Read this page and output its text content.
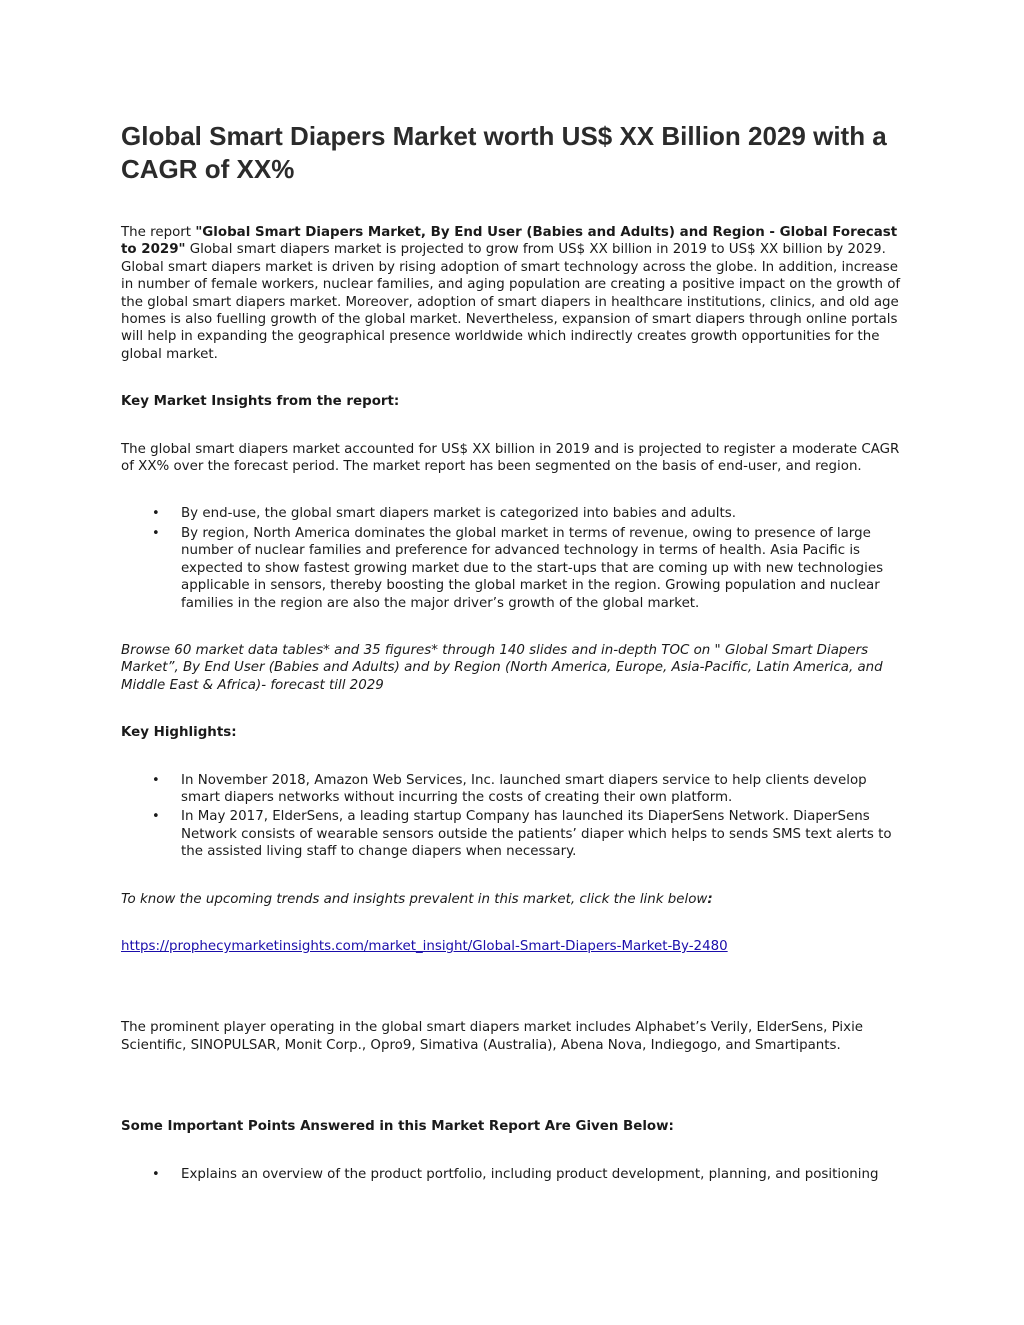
Global Smart Diapers Market worth US$ XX Billion 2029 with a CAGR of XX%

The report "Global Smart Diapers Market, By End User (Babies and Adults) and Region - Global Forecast to 2029" Global smart diapers market is projected to grow from US$ XX billion in 2019 to US$ XX billion by 2029. Global smart diapers market is driven by rising adoption of smart technology across the globe. In addition, increase in number of female workers, nuclear families, and aging population are creating a positive impact on the growth of the global smart diapers market. Moreover, adoption of smart diapers in healthcare institutions, clinics, and old age homes is also fuelling growth of the global market. Nevertheless, expansion of smart diapers through online portals will help in expanding the geographical presence worldwide which indirectly creates growth opportunities for the global market.

Key Market Insights from the report:

The global smart diapers market accounted for US$ XX billion in 2019 and is projected to register a moderate CAGR of XX% over the forecast period. The market report has been segmented on the basis of end-user, and region.

• By end-use, the global smart diapers market is categorized into babies and adults.
• By region, North America dominates the global market in terms of revenue, owing to presence of large number of nuclear families and preference for advanced technology in terms of health. Asia Pacific is expected to show fastest growing market due to the start-ups that are coming up with new technologies applicable in sensors, thereby boosting the global market in the region. Growing population and nuclear families in the region are also the major driver’s growth of the global market.

Browse 60 market data tables* and 35 figures* through 140 slides and in-depth TOC on " Global Smart Diapers Market”, By End User (Babies and Adults) and by Region (North America, Europe, Asia-Pacific, Latin America, and Middle East & Africa)- forecast till 2029

Key Highlights:

• In November 2018, Amazon Web Services, Inc. launched smart diapers service to help clients develop smart diapers networks without incurring the costs of creating their own platform.
• In May 2017, ElderSens, a leading startup Company has launched its DiaperSens Network. DiaperSens Network consists of wearable sensors outside the patients’ diaper which helps to sends SMS text alerts to the assisted living staff to change diapers when necessary.

To know the upcoming trends and insights prevalent in this market, click the link below:

https://prophecymarketinsights.com/market_insight/Global-Smart-Diapers-Market-By-2480

The prominent player operating in the global smart diapers market includes Alphabet’s Verily, ElderSens, Pixie Scientific, SINOPULSAR, Monit Corp., Opro9, Simativa (Australia), Abena Nova, Indiegogo, and Smartipants.

Some Important Points Answered in this Market Report Are Given Below:

• Explains an overview of the product portfolio, including product development, planning, and positioning
